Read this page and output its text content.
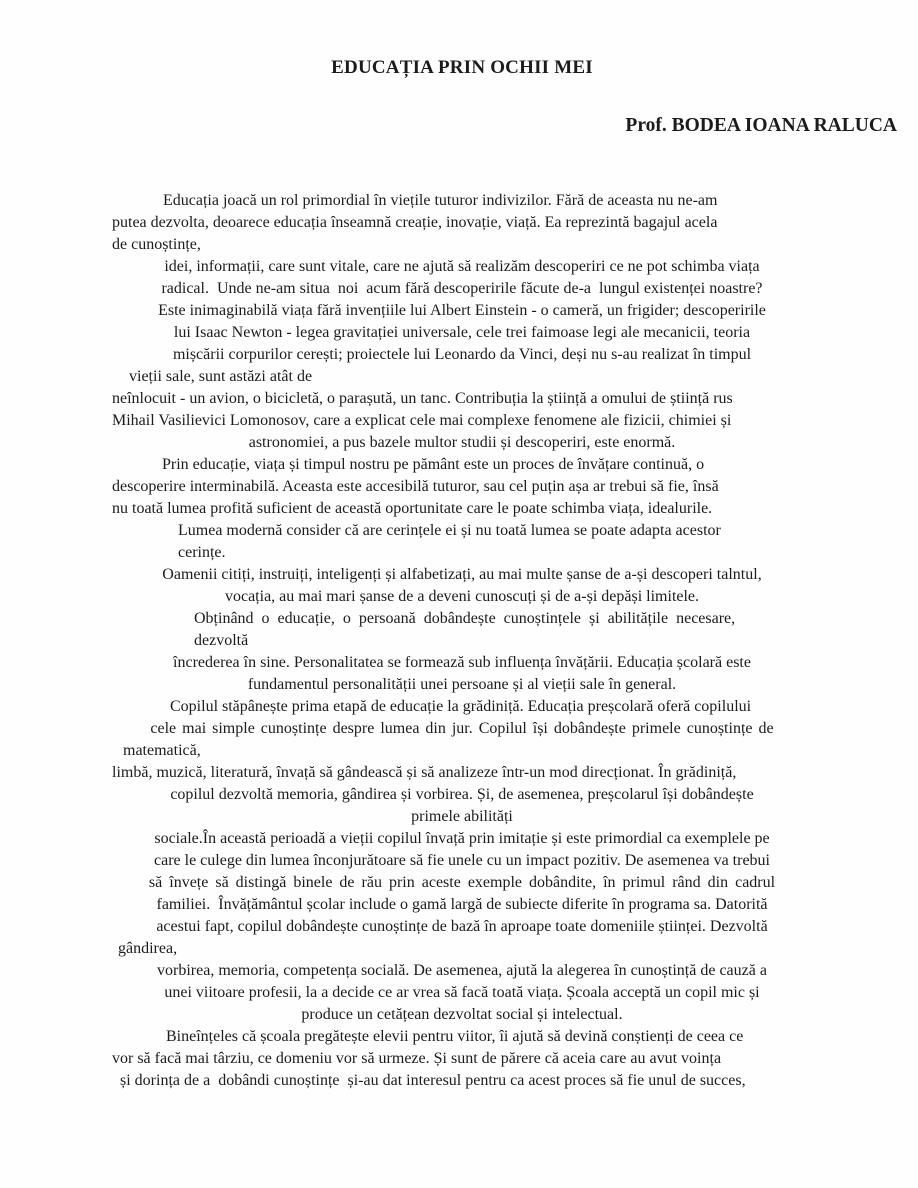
EDUCAȚIA PRIN OCHII MEI
Prof. BODEA IOANA RALUCA
Educația joacă un rol primordial în viețile tuturor indivizilor. Fără de aceasta nu ne-am
putea dezvolta, deoarece educația înseamnă creație, inovație, viață. Ea reprezintă bagajul acela
de cunoștințe,
idei, informații, care sunt vitale, care ne ajută să realizăm descoperiri ce ne pot schimba viața
radical.  Unde ne-am situa  noi  acum fără descoperirile făcute de-a  lungul existenței noastre?
Este inimaginabilă viața fără invențiile lui Albert Einstein - o cameră, un frigider; descoperirile
lui Isaac Newton - legea gravitației universale, cele trei faimoase legi ale mecanicii, teoria
mișcării corpurilor cerești; proiectele lui Leonardo da Vinci, deși nu s-au realizat în timpul
vieții sale, sunt astăzi atât de
neînlocuit - un avion, o bicicletă, o parașută, un tanc. Contribuția la știință a omului de știință rus
Mihail Vasilievici Lomonosov, care a explicat cele mai complexe fenomene ale fizicii, chimiei și
astronomiei, a pus bazele multor studii și descoperiri, este enormă.
Prin educație, viața și timpul nostru pe pământ este un proces de învățare continuă, o
descoperire interminabilă. Aceasta este accesibilă tuturor, sau cel puțin așa ar trebui să fie, însă
nu toată lumea profită suficient de această oportunitate care le poate schimba viața, idealurile.
Lumea modernă consider că are cerințele ei și nu toată lumea se poate adapta acestor
cerințe.
Oamenii citiți, instruiți, inteligenți și alfabetizați, au mai multe șanse de a-și descoperi talntul,
vocația, au mai mari șanse de a deveni cunoscuți și de a-și depăși limitele.
Obținând o educație, o persoană dobândește cunoștințele și abilitățile necesare,
dezvoltă
încrederea în sine. Personalitatea se formează sub influența învățării. Educația școlară este
fundamentul personalității unei persoane și al vieții sale în general.
Copilul stăpânește prima etapă de educație la grădiniță. Educația preșcolară oferă copilului
cele mai simple cunoștințe despre lumea din jur. Copilul își dobândește primele cunoștințe de
matematică,
limbă, muzică, literatură, învață să gândească și să analizeze într-un mod direcționat. În grădiniță,
copilul dezvoltă memoria, gândirea și vorbirea. Și, de asemenea, preșcolarul își dobândește
primele abilități
sociale.În această perioadă a vieții copilul învață prin imitație și este primordial ca exemplele pe
care le culege din lumea înconjurătoare să fie unele cu un impact pozitiv. De asemenea va trebui
să învețe să distingă binele de rău prin aceste exemple dobândite, în primul rând din cadrul
familiei.  Învățământul școlar include o gamă largă de subiecte diferite în programa sa. Datorită
acestui fapt, copilul dobândește cunoștințe de bază în aproape toate domeniile științei. Dezvoltă
gândirea,
vorbirea, memoria, competența socială. De asemenea, ajută la alegerea în cunoștință de cauză a
unei viitoare profesii, la a decide ce ar vrea să facă toată viața. Școala acceptă un copil mic și
produce un cetățean dezvoltat social și intelectual.
Bineînțeles că școala pregătește elevii pentru viitor, îi ajută să devină conștienți de ceea ce
vor să facă mai târziu, ce domeniu vor să urmeze. Și sunt de părere că aceia care au avut voința
și dorința de a  dobândi cunoștințe  și-au dat interesul pentru ca acest proces să fie unul de succes,
